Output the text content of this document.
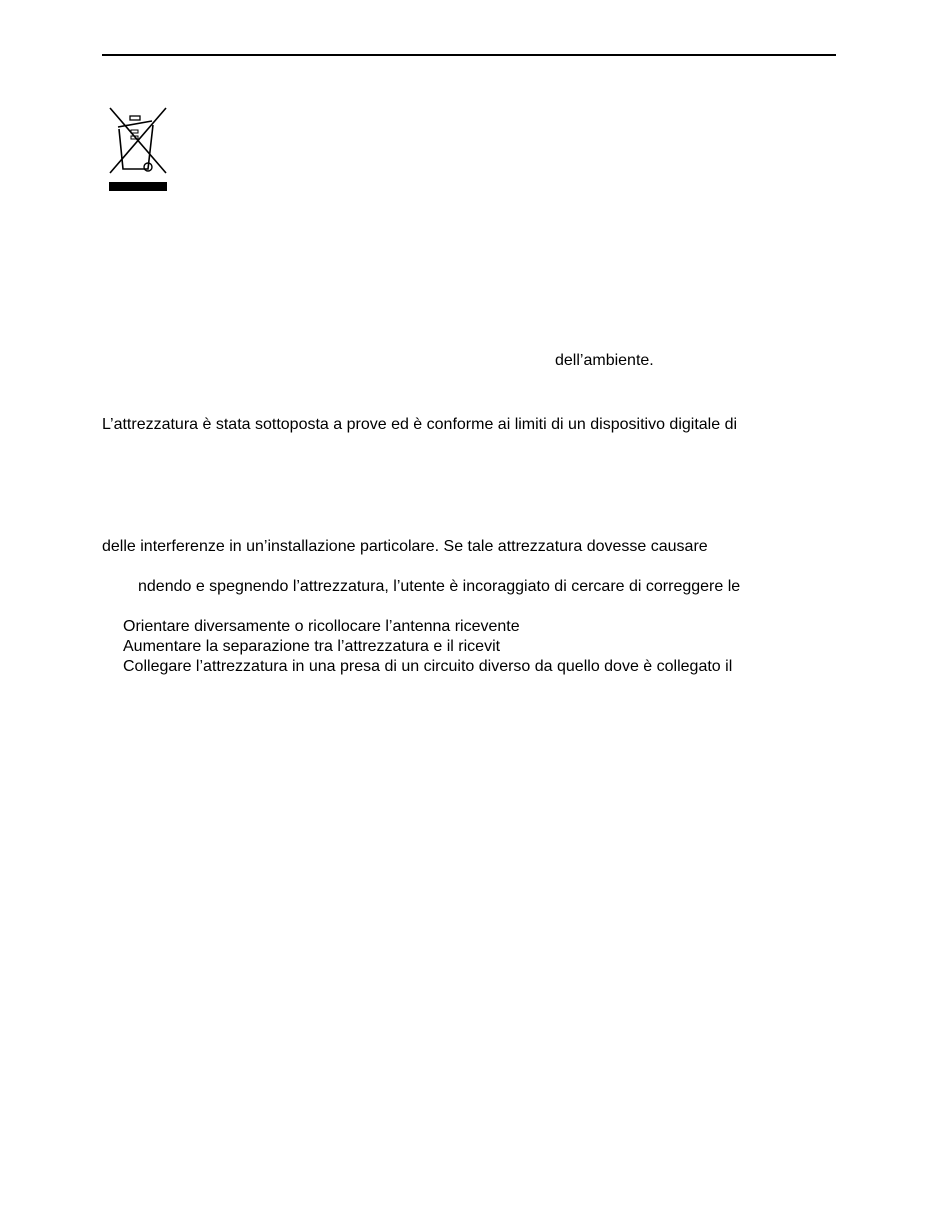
dell’ambiente.
L’attrezzatura è stata sottoposta a prove ed è conforme ai limiti di un dispositivo digitale di
delle interferenze in un’installazione particolare. Se tale attrezzatura dovesse causare
ndendo e spegnendo l’attrezzatura, l’utente è incoraggiato di cercare di correggere le
Orientare diversamente o ricollocare l’antenna ricevente
Aumentare la separazione tra l’attrezzatura e il ricevit
Collegare l’attrezzatura in una presa di un circuito diverso da quello dove è collegato il
